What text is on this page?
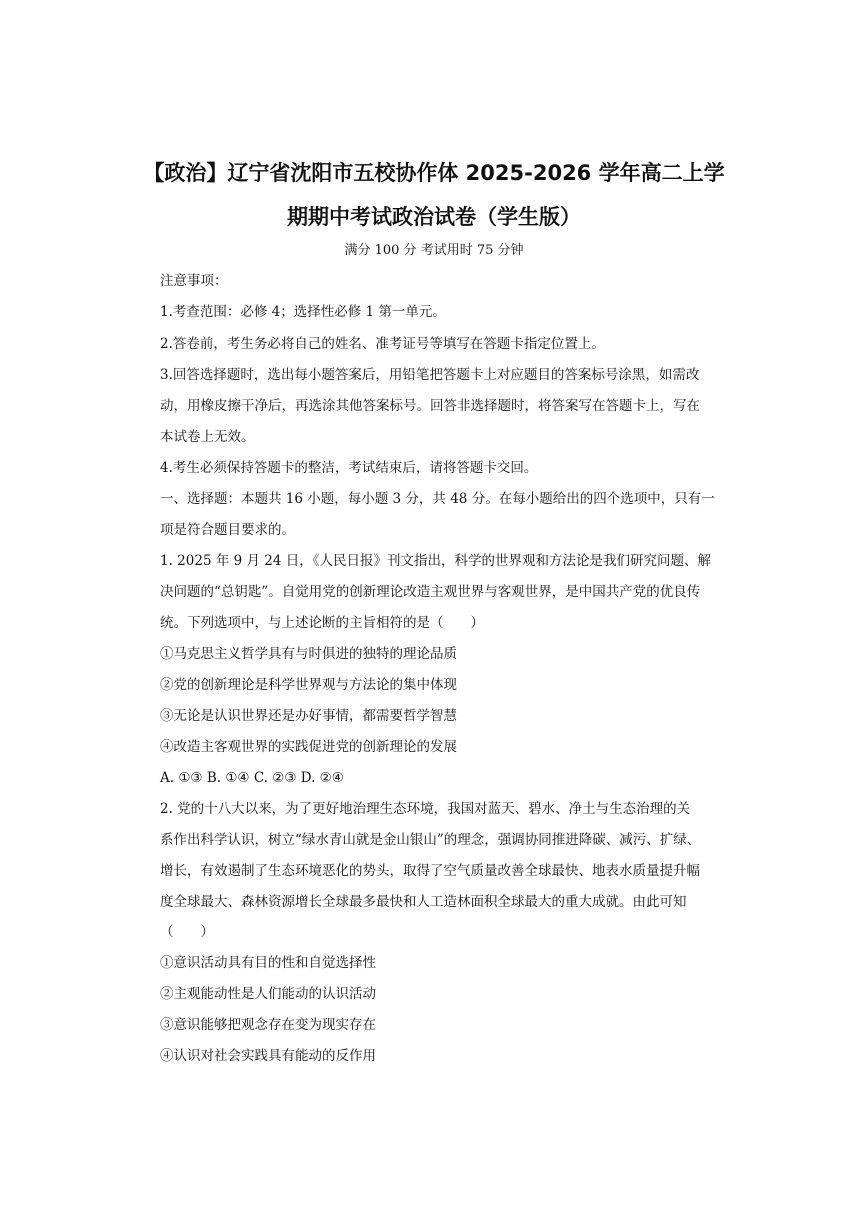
【政治】辽宁省沈阳市五校协作体 2025-2026 学年高二上学
期期中考试政治试卷（学生版）
满分 100 分 考试用时 75 分钟
注意事项：
1.考查范围：必修 4；选择性必修 1 第一单元。
2.答卷前，考生务必将自己的姓名、准考证号等填写在答题卡指定位置上。
3.回答选择题时，选出每小题答案后，用铅笔把答题卡上对应题目的答案标号涂黑，如需改
动，用橡皮擦干净后，再选涂其他答案标号。回答非选择题时，将答案写在答题卡上，写在
本试卷上无效。
4.考生必须保持答题卡的整洁，考试结束后，请将答题卡交回。
一、选择题：本题共 16 小题，每小题 3 分，共 48 分。在每小题给出的四个选项中，只有一
项是符合题目要求的。
1. 2025 年 9 月 24 日，《人民日报》刊文指出，科学的世界观和方法论是我们研究问题、解
决问题的“总钥匙”。自觉用党的创新理论改造主观世界与客观世界，是中国共产党的优良传
统。下列选项中，与上述论断的主旨相符的是（　　）
①马克思主义哲学具有与时俱进的独特的理论品质
②党的创新理论是科学世界观与方法论的集中体现
③无论是认识世界还是办好事情，都需要哲学智慧
④改造主客观世界的实践促进党的创新理论的发展
A. ①③ B. ①④ C. ②③ D. ②④
2. 党的十八大以来，为了更好地治理生态环境，我国对蓝天、碧水、净土与生态治理的关
系作出科学认识，树立“绿水青山就是金山银山”的理念，强调协同推进降碳、减污、扩绿、
增长，有效遏制了生态环境恶化的势头，取得了空气质量改善全球最快、地表水质量提升幅
度全球最大、森林资源增长全球最多最快和人工造林面积全球最大的重大成就。由此可知
（　　）
①意识活动具有目的性和自觉选择性
②主观能动性是人们能动的认识活动
③意识能够把观念存在变为现实存在
④认识对社会实践具有能动的反作用
